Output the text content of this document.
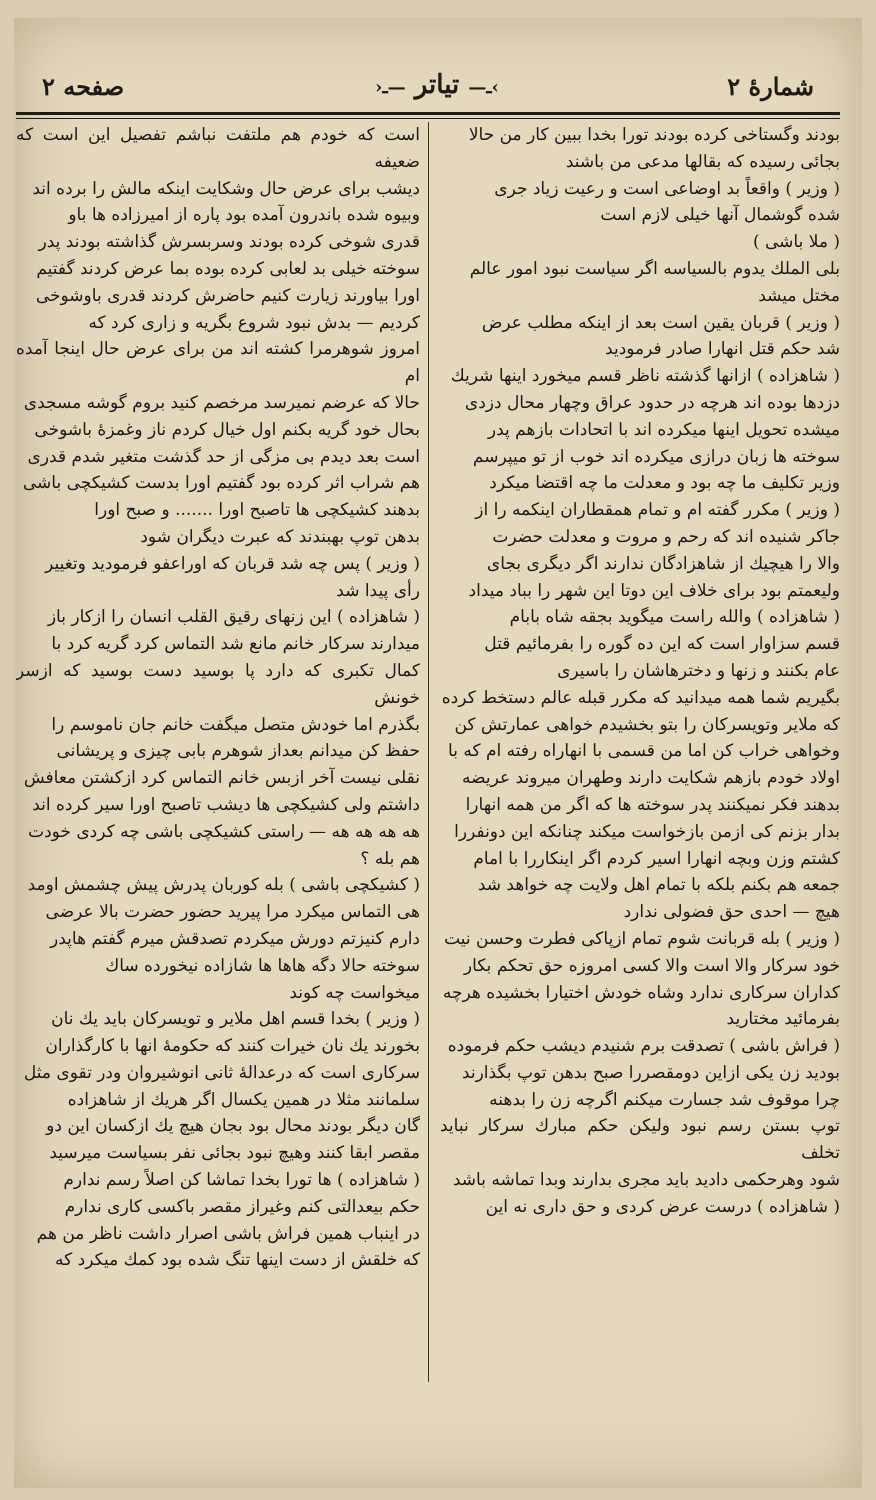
شمارهٔ ۲
›ـ— تیاتر —ـ‹
صفحه ۲

بودند وگستاخی کرده بودند تورا بخدا ببین کار من حالا

بجائی رسیده که بقالها مدعی من باشند

( وزیر ) واقعاً بد اوضاعی است و رعیت زیاد جری

شده گوشمال آنها خیلی لازم است

( ملا باشی )

بلی الملك یدوم بالسیاسه اگر سیاست نبود امور عالم

مختل میشد

( وزیر ) قربان یقین است بعد از اینکه مطلب عرض

شد حکم قتل انهارا صادر فرمودید

( شاهزاده ) ازانها گذشته ناظر قسم میخورد اینها شریك

دزدها بوده اند هرچه در حدود عراق وچهار محال دزدی

میشده تحویل اینها میکرده اند با اتحادات بازهم پدر

سوخته ها زبان درازی میکرده اند خوب از تو میپرسم

وزیر تکلیف ما چه بود و معدلت ما چه اقتضا میکرد

( وزیر ) مکرر گفته ام و تمام همقطاران اینکمه را از

جاکر شنیده اند که رحم و مروت و معدلت حضرت

والا را هیچیك از شاهزادگان ندارند اگر دیگری بجای

ولیعمتم بود برای خلاف این دوتا این شهر را بباد میداد

( شاهزاده ) والله راست میگوید بجقه شاه بابام

قسم سزاوار است که این ده گوره را بفرمائیم قتل

عام بکنند و زنها و دخترهاشان را باسیری

بگیریم شما همه میدانید که مکرر قبله عالم دستخط کرده

که ملایر وتویسرکان را بتو بخشیدم خواهی عمارتش کن

وخواهی خراب کن اما من قسمی با انهاراه رفته ام که با

اولاد خودم بازهم شکایت دارند وطهران میروند عریضه

بدهند فکر نمیکنند پدر سوخته ها که اگر من همه انهارا

بدار بزنم کی ازمن بازخواست میکند چنانکه این دونفررا

کشتم وزن وبچه انهارا اسیر کردم اگر اینکاررا با امام

جمعه هم بکنم بلکه با تمام اهل ولایت چه خواهد شد

هیچ — احدی حق فضولی ندارد

( وزیر ) بله قربانت شوم تمام ازپاکی فطرت وحسن نیت

خود سرکار والا است والا کسی امروزه حق تحکم بکار

کداران سرکاری ندارد وشاه خودش اختیارا بخشیده هرچه

بفرمائید مختارید

( فراش باشی ) تصدقت برم شنیدم دیشب حکم فرموده

بودید زن یکی ازاین دومقصررا صبح بدهن توپ بگذارند

چرا موقوف شد جسارت میکنم اگرچه زن را بدهنه

توپ بستن رسم نبود ولیکن حکم مبارك سرکار نباید تخلف

شود وهرحکمی دادید باید مجری بدارند وبدا تماشه باشد

( شاهزاده ) درست عرض کردی و حق داری نه این

است که خودم هم ملتفت نباشم تفصیل این است که ضعیفه

دیشب برای عرض حال وشکایت اینکه مالش را برده اند

وبیوه شده باندرون آمده بود پاره از امیرزاده ها باو

قدری شوخی کرده بودند وسربسرش گذاشته بودند پدر

سوخته خیلی بد لعابی کرده بوده بما عرض کردند گفتیم

اورا بیاورند زیارت کنیم حاضرش کردند قدری باوشوخی

کردیم — بدش نبود شروع بگریه و زاری کرد که

امروز شوهرمرا کشته اند من برای عرض حال اینجا آمده ام

حالا که عرضم نمیرسد مرخصم کنید بروم گوشه مسجدی

بحال خود گریه بکنم اول خیال کردم ناز وغمزهٔ باشوخی

است بعد دیدم بی مزگی از حد گذشت متغیر شدم قدری

هم شراب اثر کرده بود گفتیم اورا بدست کشیکچی باشی

بدهند کشیکچی ها تاصبح اورا ....... و صبح اورا

بدهن توپ بهبندند که عبرت دیگران شود

( وزیر ) پس چه شد قربان که اوراعفو فرمودید وتغییر

رأی پیدا شد

( شاهزاده ) این زنهای رقیق القلب انسان را ازکار باز

میدارند سرکار خانم مانع شد التماس کرد گریه کرد با

کمال تکبری که دارد پا بوسید دست بوسید که ازسر خونش

بگذرم اما خودش متصل میگفت خانم جان ناموسم را

حفظ کن میدانم بعداز شوهرم بابی چیزی و پریشانی

نقلی نیست آخر ازبس خانم التماس کرد ازکشتن معافش

داشتم ولی کشیکچی ها دیشب تاصبح اورا سیر کرده اند

هه هه هه هه — راستی کشیکچی باشی چه کردی خودت

هم بله ؟

( کشیکچی باشی ) بله کوربان پدرش پیش چشمش اومد

هی التماس میکرد مرا پیرید حضور حضرت بالا عرضی

دارم کنیزتم دورش میکردم تصدقش میرم گفتم هاپدر

سوخته حالا دگه هاها ها شازاده نیخورده ساك

میخواست چه کوند

( وزیر ) بخدا قسم اهل ملایر و تویسرکان باید یك نان

بخورند یك نان خیرات کنند که حکومهٔ انها با کارگذاران

سرکاری است که درعدالهٔ ثانی انوشیروان ودر تقوی مثل

سلمانند مثلا در همین یکسال اگر هریك از شاهزاده

گان دیگر بودند محال بود بجان هیچ یك ازکسان این دو

مقصر ابقا کنند وهیچ نبود بجائی نفر بسیاست میرسید

( شاهزاده ) ها تورا بخدا تماشا کن اصلاً رسم ندارم

حکم بیعدالتی کنم وغیراز مقصر باکسی کاری ندارم

در اینباب همین فراش باشی اصرار داشت ناظر من هم

که خلقش از دست اینها تنگ شده بود کمك میکرد که
